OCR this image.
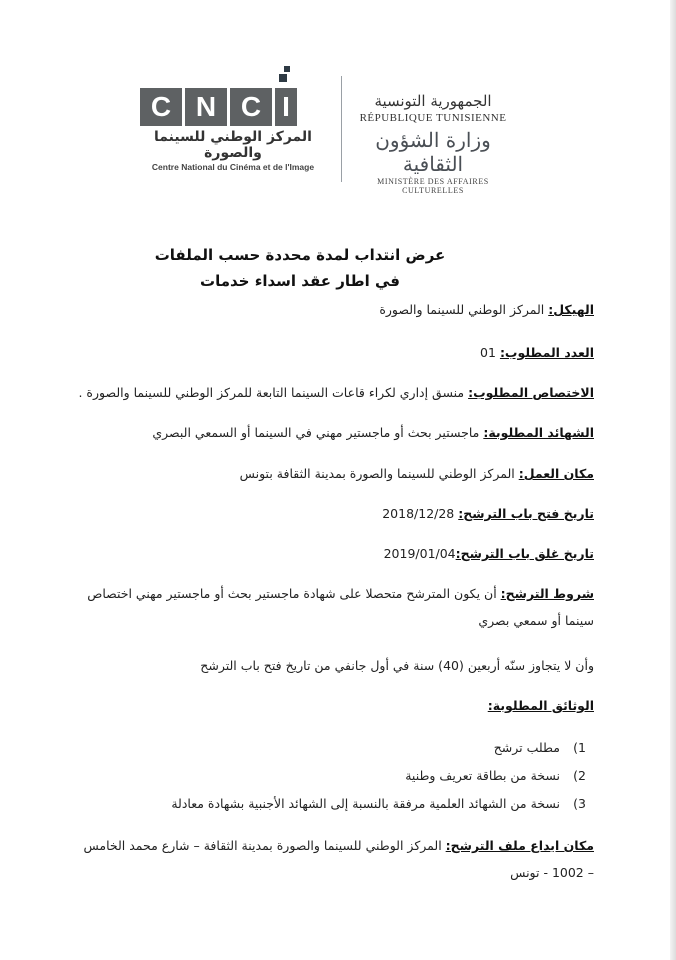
C N C I
المركز الوطني للسينما والصورة
Centre National du Cinéma et de l'Image
الجمهورية التونسية
RÉPUBLIQUE TUNISIENNE
وزارة الشؤون الثقافية
MINISTÈRE DES AFFAIRES CULTURELLES
عرض انتداب لمدة محددة حسب الملفات
في اطار عقد اسداء خدمات
الهيكل: المركز الوطني للسينما والصورة
العدد المطلوب: 01
الاختصاص المطلوب: منسق إداري لكراء قاعات السينما التابعة للمركز الوطني للسينما والصورة .
الشهائد المطلوبة: ماجستير بحث أو ماجستير مهني في السينما أو السمعي البصري
مكان العمل: المركز الوطني للسينما والصورة بمدينة الثقافة بتونس
تاريخ فتح باب الترشح: 2018/12/28
تاريخ غلق باب الترشح:2019/01/04
شروط الترشح: أن يكون المترشح متحصلا على شهادة ماجستير بحث أو ماجستير مهني اختصاص سينما أو سمعي بصري
وأن لا يتجاوز سنّه أربعين (40) سنة في أول جانفي من تاريخ فتح باب الترشح
الوثائق المطلوبة:
1)
مطلب ترشح
2)
نسخة من بطاقة تعريف وطنية
3)
نسخة من الشهائد العلمية مرفقة بالنسبة إلى الشهائد الأجنبية بشهادة معادلة
مكان ايداع ملف الترشح: المركز الوطني للسينما والصورة بمدينة الثقافة – شارع محمد الخامس – 1002 - تونس
